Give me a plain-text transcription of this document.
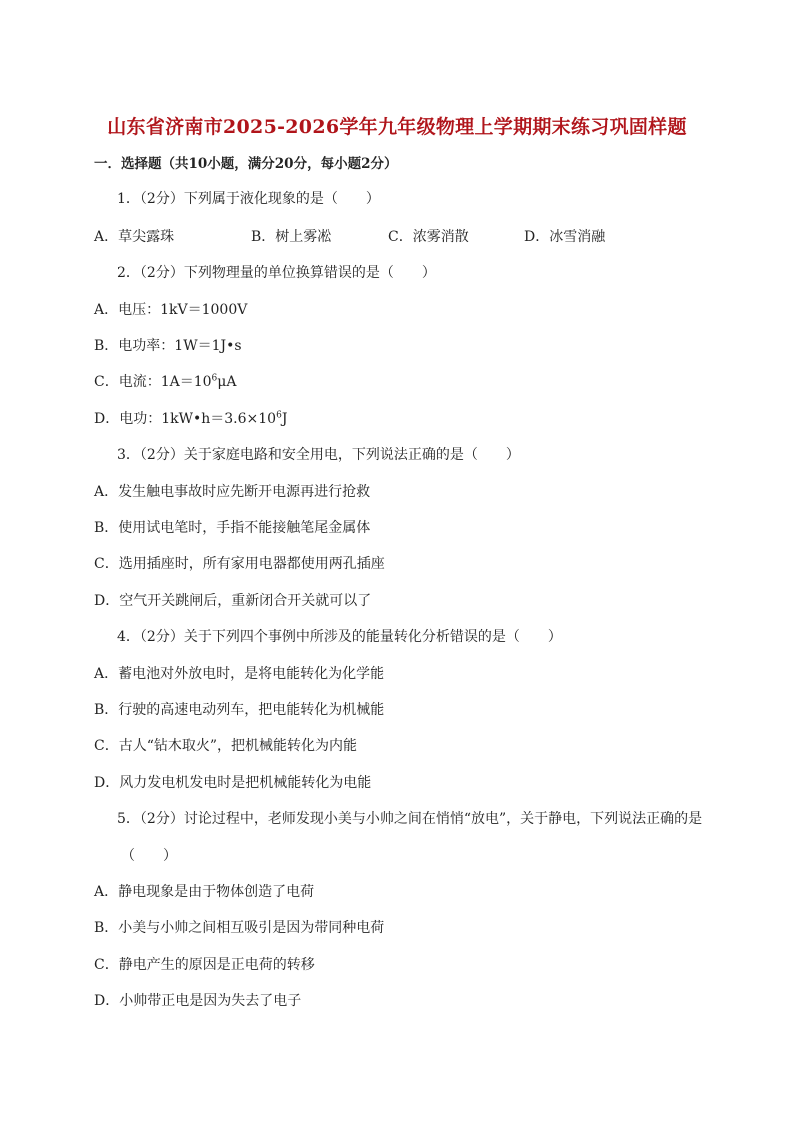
山东省济南市2025-2026学年九年级物理上学期期末练习巩固样题
一．选择题（共10小题，满分20分，每小题2分）
1．（2分）下列属于液化现象的是（　　）
A．草尖露珠	B．树上雾凇	C．浓雾消散	D．冰雪消融
2．（2分）下列物理量的单位换算错误的是（　　）
A．电压：1kV＝1000V
B．电功率：1W＝1J•s
C．电流：$1A=10^6\mu A$
D．电功：$1kW•h=3.6\times 10^6J$
3．（2分）关于家庭电路和安全用电，下列说法正确的是（　　）
A．发生触电事故时应先断开电源再进行抢救
B．使用试电笔时，手指不能接触笔尾金属体
C．选用插座时，所有家用电器都使用两孔插座
D．空气开关跳闸后，重新闭合开关就可以了
4．（2分）关于下列四个事例中所涉及的能量转化分析错误的是（　　）
A．蓄电池对外放电时，是将电能转化为化学能
B．行驶的高速电动列车，把电能转化为机械能
C．古人“钻木取火”，把机械能转化为内能
D．风力发电机发电时是把机械能转化为电能
5．（2分）讨论过程中，老师发现小美与小帅之间在悄悄“放电”，关于静电，下列说法正确的是
（　　）
A．静电现象是由于物体创造了电荷
B．小美与小帅之间相互吸引是因为带同种电荷
C．静电产生的原因是正电荷的转移
D．小帅带正电是因为失去了电子
